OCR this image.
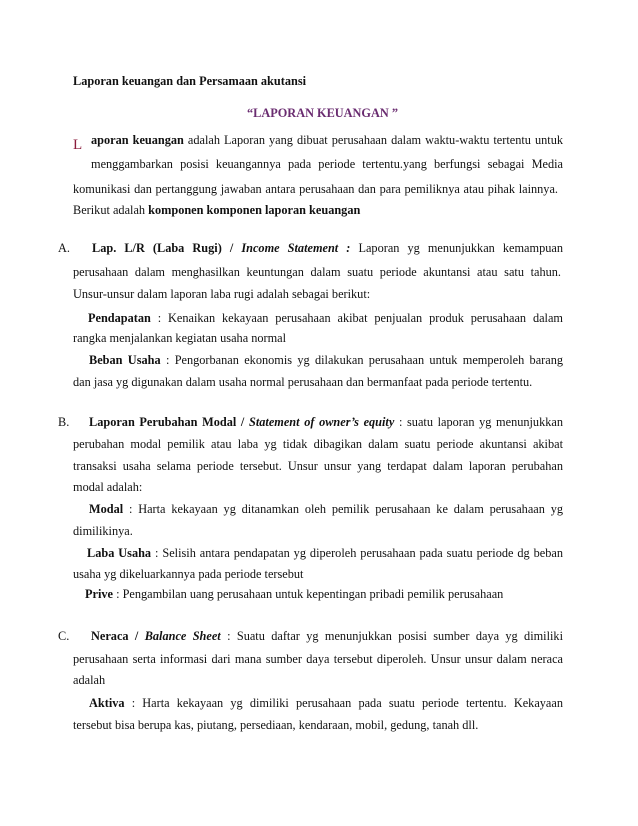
Laporan keuangan dan Persamaan akutansi
“LAPORAN KEUANGAN ”
L aporan keuangan adalah Laporan yang dibuat perusahaan dalam waktu-waktu tertentu untuk
menggambarkan posisi keuangannya pada periode tertentu.yang berfungsi sebagai Media
komunikasi dan pertanggung jawaban antara perusahaan dan para pemiliknya atau pihak lainnya.
Berikut adalah komponen komponen laporan keuangan
A. Lap. L/R (Laba Rugi) / Income Statement : Laporan yg menunjukkan kemampuan
perusahaan dalam menghasilkan keuntungan dalam suatu periode akuntansi atau satu tahun.
Unsur-unsur dalam laporan laba rugi adalah sebagai berikut:
Pendapatan : Kenaikan kekayaan perusahaan akibat penjualan produk perusahaan dalam
rangka menjalankan kegiatan usaha normal
Beban Usaha : Pengorbanan ekonomis yg dilakukan perusahaan untuk memperoleh barang
dan jasa yg digunakan dalam usaha normal perusahaan dan bermanfaat pada periode tertentu.
B. Laporan Perubahan Modal / Statement of owner’s equity : suatu laporan yg menunjukkan
perubahan modal pemilik atau laba yg tidak dibagikan dalam suatu periode akuntansi akibat
transaksi usaha selama periode tersebut. Unsur unsur yang terdapat dalam laporan perubahan
modal adalah:
Modal : Harta kekayaan yg ditanamkan oleh pemilik perusahaan ke dalam perusahaan yg
dimilikinya.
Laba Usaha : Selisih antara pendapatan yg diperoleh perusahaan pada suatu periode dg beban
usaha yg dikeluarkannya pada periode tersebut
Prive : Pengambilan uang perusahaan untuk kepentingan pribadi pemilik perusahaan
C. Neraca / Balance Sheet : Suatu daftar yg menunjukkan posisi sumber daya yg dimiliki
perusahaan serta informasi dari mana sumber daya tersebut diperoleh. Unsur unsur dalam neraca
adalah
Aktiva : Harta kekayaan yg dimiliki perusahaan pada suatu periode tertentu. Kekayaan
tersebut bisa berupa kas, piutang, persediaan, kendaraan, mobil, gedung, tanah dll.
